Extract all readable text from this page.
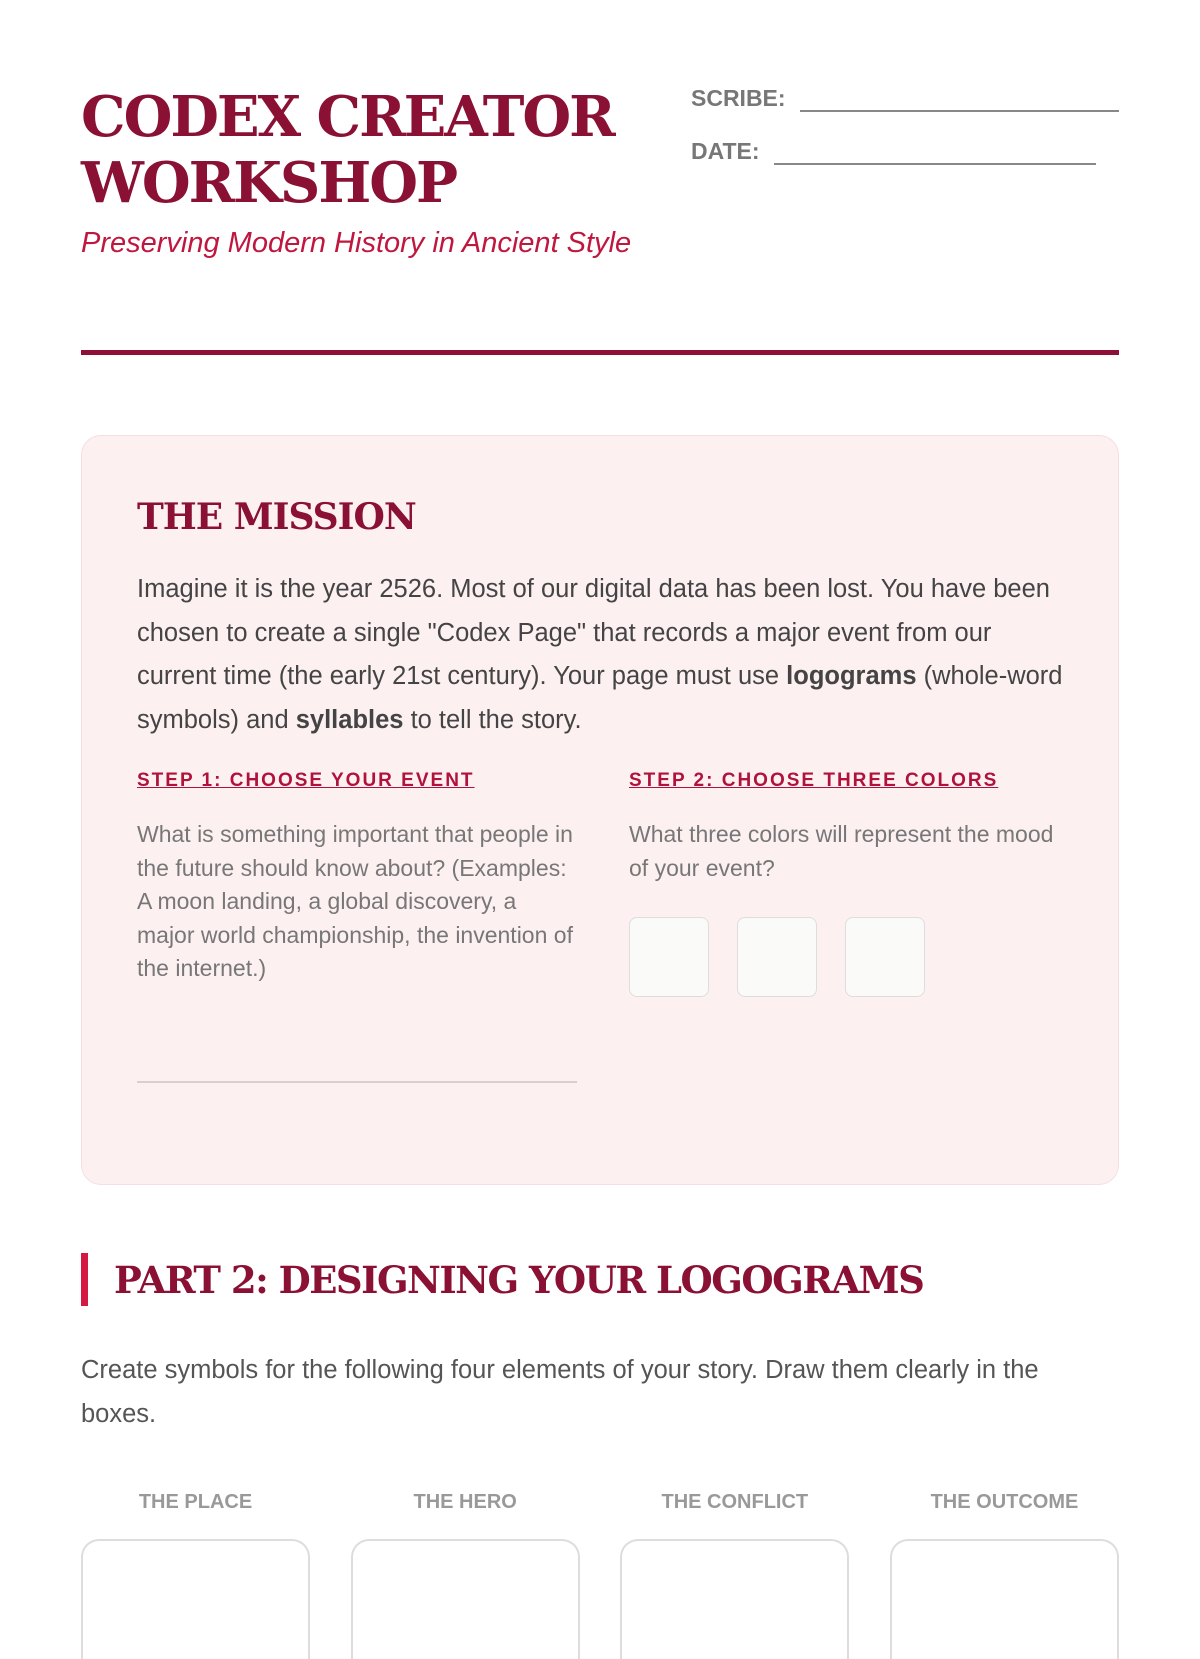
CODEX CREATOR WORKSHOP
Preserving Modern History in Ancient Style
SCRIBE:
DATE:
THE MISSION

Imagine it is the year 2526. Most of our digital data has been lost. You have been chosen to create a single "Codex Page" that records a major event from our current time (the early 21st century). Your page must use logograms (whole-word symbols) and syllables to tell the story.

STEP 1: CHOOSE YOUR EVENT

What is something important that people in the future should know about? (Examples: A moon landing, a global discovery, a major world championship, the invention of the internet.)

STEP 2: CHOOSE THREE COLORS

What three colors will represent the mood of your event?

PART 2: DESIGNING YOUR LOGOGRAMS

Create symbols for the following four elements of your story. Draw them clearly in the boxes.

THE PLACE	THE HERO	THE CONFLICT	THE OUTCOME
